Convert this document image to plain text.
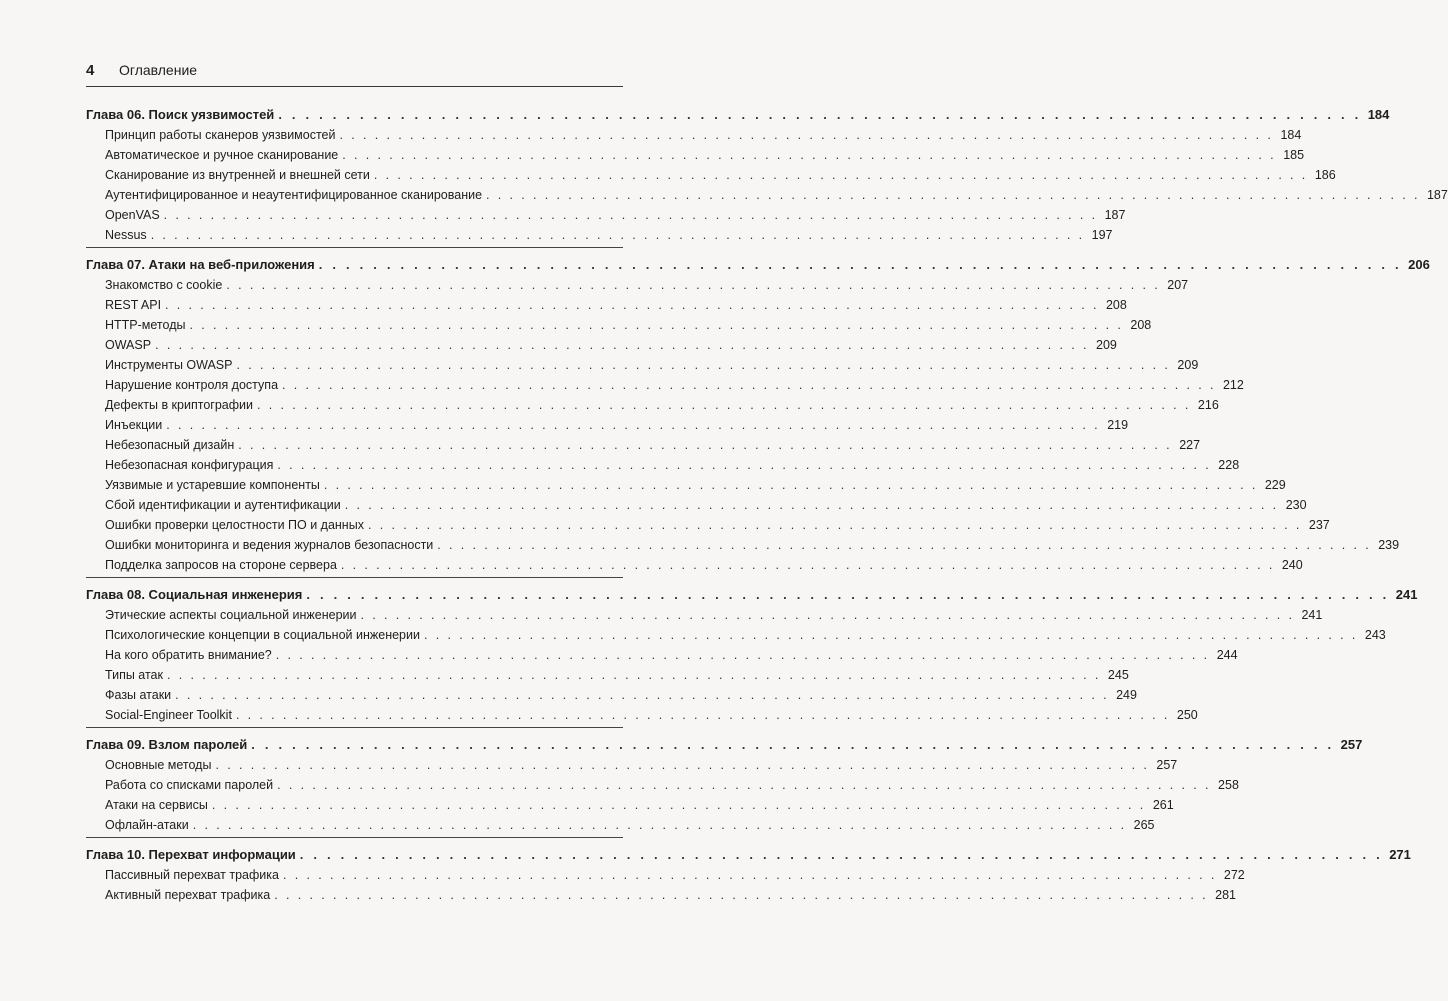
4	Оглавление
Глава 06. Поиск уязвимостей . . . . . . . . . . . . . . . . . . . . . . . . . . . . . . . . . . . . . . . . . . . . . . . . . . . . . . . . . . . . . . . . . . . . . . . . . . . . . . . . 184
Принцип работы сканеров уязвимостей . . . . . . . . . . . . . . . . . . . . . . . . . . . . . . . . . . . . . . . . . . . . . . . . . . . . . . . . . . . . . . . . . . . . . . . . . . . . . . . . 184
Автоматическое и ручное сканирование . . . . . . . . . . . . . . . . . . . . . . . . . . . . . . . . . . . . . . . . . . . . . . . . . . . . . . . . . . . . . . . . . . . . . . . . . . . . . . . . 185
Сканирование из внутренней и внешней сети . . . . . . . . . . . . . . . . . . . . . . . . . . . . . . . . . . . . . . . . . . . . . . . . . . . . . . . . . . . . . . . . . . . . . . . . . . . . . . . . 186
Аутентифицированное и неаутентифицированное сканирование . . . . . . . . . . . . . . . . . . . . . . . . . . . . . . . . . . . . . . . . . . . . . . . . . . . . . . . . . . . . . . . . . . . . . . . . . . . . . . . . 187
OpenVAS . . . . . . . . . . . . . . . . . . . . . . . . . . . . . . . . . . . . . . . . . . . . . . . . . . . . . . . . . . . . . . . . . . . . . . . . . . . . . . . . 187
Nessus . . . . . . . . . . . . . . . . . . . . . . . . . . . . . . . . . . . . . . . . . . . . . . . . . . . . . . . . . . . . . . . . . . . . . . . . . . . . . . . . 197
Глава 07. Атаки на веб-приложения . . . . . . . . . . . . . . . . . . . . . . . . . . . . . . . . . . . . . . . . . . . . . . . . . . . . . . . . . . . . . . . . . . . . . . . . . . . . . . . . 206
Знакомство с cookie . . . . . . . . . . . . . . . . . . . . . . . . . . . . . . . . . . . . . . . . . . . . . . . . . . . . . . . . . . . . . . . . . . . . . . . . . . . . . . . . 207
REST API . . . . . . . . . . . . . . . . . . . . . . . . . . . . . . . . . . . . . . . . . . . . . . . . . . . . . . . . . . . . . . . . . . . . . . . . . . . . . . . . 208
HTTP-методы . . . . . . . . . . . . . . . . . . . . . . . . . . . . . . . . . . . . . . . . . . . . . . . . . . . . . . . . . . . . . . . . . . . . . . . . . . . . . . . . 208
OWASP . . . . . . . . . . . . . . . . . . . . . . . . . . . . . . . . . . . . . . . . . . . . . . . . . . . . . . . . . . . . . . . . . . . . . . . . . . . . . . . . 209
Инструменты OWASP . . . . . . . . . . . . . . . . . . . . . . . . . . . . . . . . . . . . . . . . . . . . . . . . . . . . . . . . . . . . . . . . . . . . . . . . . . . . . . . . 209
Нарушение контроля доступа . . . . . . . . . . . . . . . . . . . . . . . . . . . . . . . . . . . . . . . . . . . . . . . . . . . . . . . . . . . . . . . . . . . . . . . . . . . . . . . . 212
Дефекты в криптографии . . . . . . . . . . . . . . . . . . . . . . . . . . . . . . . . . . . . . . . . . . . . . . . . . . . . . . . . . . . . . . . . . . . . . . . . . . . . . . . . 216
Инъекции . . . . . . . . . . . . . . . . . . . . . . . . . . . . . . . . . . . . . . . . . . . . . . . . . . . . . . . . . . . . . . . . . . . . . . . . . . . . . . . . 219
Небезопасный дизайн . . . . . . . . . . . . . . . . . . . . . . . . . . . . . . . . . . . . . . . . . . . . . . . . . . . . . . . . . . . . . . . . . . . . . . . . . . . . . . . . 227
Небезопасная конфигурация . . . . . . . . . . . . . . . . . . . . . . . . . . . . . . . . . . . . . . . . . . . . . . . . . . . . . . . . . . . . . . . . . . . . . . . . . . . . . . . . 228
Уязвимые и устаревшие компоненты . . . . . . . . . . . . . . . . . . . . . . . . . . . . . . . . . . . . . . . . . . . . . . . . . . . . . . . . . . . . . . . . . . . . . . . . . . . . . . . . 229
Сбой идентификации и аутентификации . . . . . . . . . . . . . . . . . . . . . . . . . . . . . . . . . . . . . . . . . . . . . . . . . . . . . . . . . . . . . . . . . . . . . . . . . . . . . . . . 230
Ошибки проверки целостности ПО и данных . . . . . . . . . . . . . . . . . . . . . . . . . . . . . . . . . . . . . . . . . . . . . . . . . . . . . . . . . . . . . . . . . . . . . . . . . . . . . . . . 237
Ошибки мониторинга и ведения журналов безопасности . . . . . . . . . . . . . . . . . . . . . . . . . . . . . . . . . . . . . . . . . . . . . . . . . . . . . . . . . . . . . . . . . . . . . . . . . . . . . . . . 239
Подделка запросов на стороне сервера . . . . . . . . . . . . . . . . . . . . . . . . . . . . . . . . . . . . . . . . . . . . . . . . . . . . . . . . . . . . . . . . . . . . . . . . . . . . . . . . 240
Глава 08. Социальная инженерия . . . . . . . . . . . . . . . . . . . . . . . . . . . . . . . . . . . . . . . . . . . . . . . . . . . . . . . . . . . . . . . . . . . . . . . . . . . . . . . . 241
Этические аспекты социальной инженерии . . . . . . . . . . . . . . . . . . . . . . . . . . . . . . . . . . . . . . . . . . . . . . . . . . . . . . . . . . . . . . . . . . . . . . . . . . . . . . . . 241
Психологические концепции в социальной инженерии . . . . . . . . . . . . . . . . . . . . . . . . . . . . . . . . . . . . . . . . . . . . . . . . . . . . . . . . . . . . . . . . . . . . . . . . . . . . . . . . 243
На кого обратить внимание? . . . . . . . . . . . . . . . . . . . . . . . . . . . . . . . . . . . . . . . . . . . . . . . . . . . . . . . . . . . . . . . . . . . . . . . . . . . . . . . . 244
Типы атак . . . . . . . . . . . . . . . . . . . . . . . . . . . . . . . . . . . . . . . . . . . . . . . . . . . . . . . . . . . . . . . . . . . . . . . . . . . . . . . . 245
Фазы атаки . . . . . . . . . . . . . . . . . . . . . . . . . . . . . . . . . . . . . . . . . . . . . . . . . . . . . . . . . . . . . . . . . . . . . . . . . . . . . . . . 249
Social-Engineer Toolkit . . . . . . . . . . . . . . . . . . . . . . . . . . . . . . . . . . . . . . . . . . . . . . . . . . . . . . . . . . . . . . . . . . . . . . . . . . . . . . . . 250
Глава 09. Взлом паролей . . . . . . . . . . . . . . . . . . . . . . . . . . . . . . . . . . . . . . . . . . . . . . . . . . . . . . . . . . . . . . . . . . . . . . . . . . . . . . . . 257
Основные методы . . . . . . . . . . . . . . . . . . . . . . . . . . . . . . . . . . . . . . . . . . . . . . . . . . . . . . . . . . . . . . . . . . . . . . . . . . . . . . . . 257
Работа со списками паролей . . . . . . . . . . . . . . . . . . . . . . . . . . . . . . . . . . . . . . . . . . . . . . . . . . . . . . . . . . . . . . . . . . . . . . . . . . . . . . . . 258
Атаки на сервисы . . . . . . . . . . . . . . . . . . . . . . . . . . . . . . . . . . . . . . . . . . . . . . . . . . . . . . . . . . . . . . . . . . . . . . . . . . . . . . . . 261
Офлайн-атаки . . . . . . . . . . . . . . . . . . . . . . . . . . . . . . . . . . . . . . . . . . . . . . . . . . . . . . . . . . . . . . . . . . . . . . . . . . . . . . . . 265
Глава 10. Перехват информации . . . . . . . . . . . . . . . . . . . . . . . . . . . . . . . . . . . . . . . . . . . . . . . . . . . . . . . . . . . . . . . . . . . . . . . . . . . . . . . . 271
Пассивный перехват трафика . . . . . . . . . . . . . . . . . . . . . . . . . . . . . . . . . . . . . . . . . . . . . . . . . . . . . . . . . . . . . . . . . . . . . . . . . . . . . . . . 272
Активный перехват трафика . . . . . . . . . . . . . . . . . . . . . . . . . . . . . . . . . . . . . . . . . . . . . . . . . . . . . . . . . . . . . . . . . . . . . . . . . . . . . . . . 281
